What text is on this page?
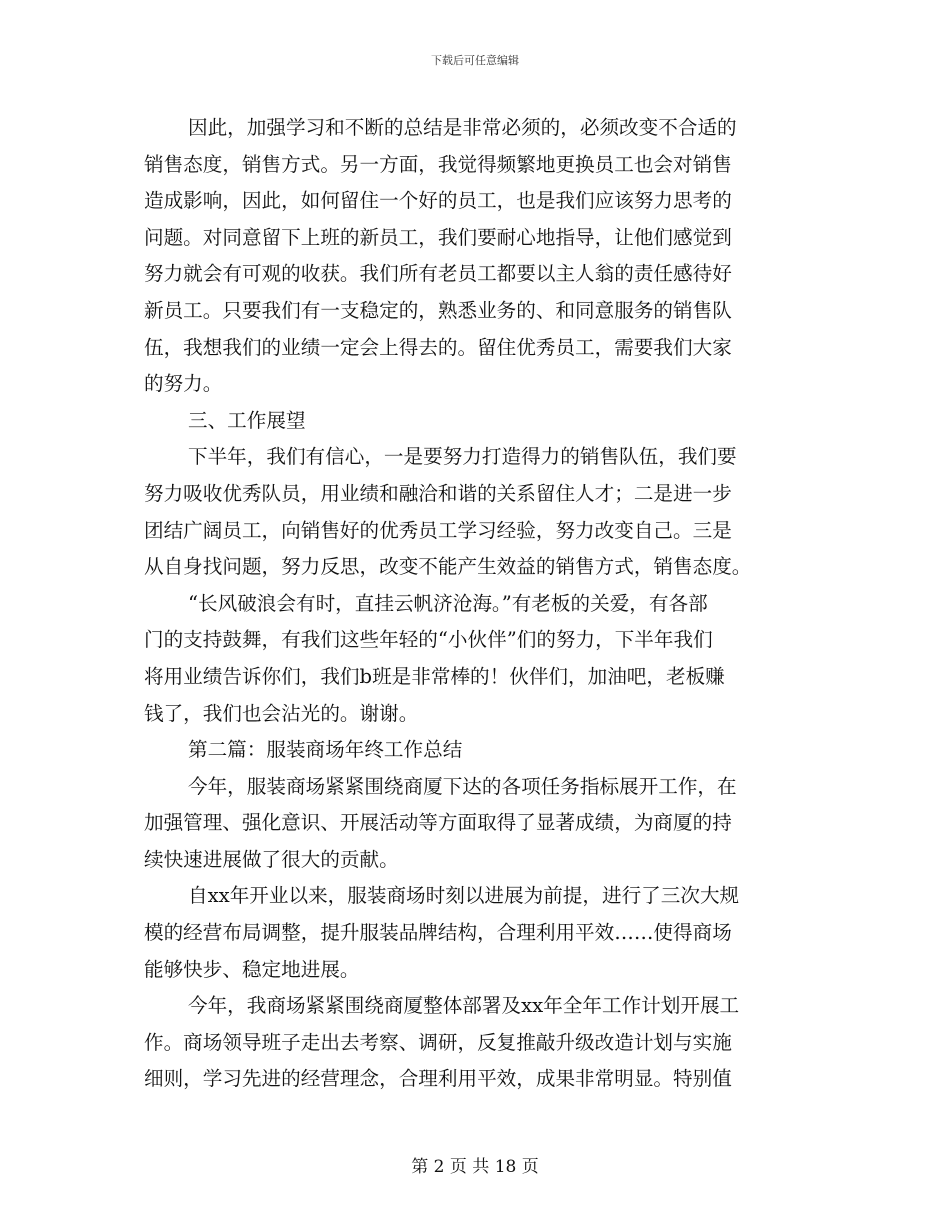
下载后可任意编辑
因此，加强学习和不断的总结是非常必须的，必须改变不合适的
销售态度，销售方式。另一方面，我觉得频繁地更换员工也会对销售
造成影响，因此，如何留住一个好的员工，也是我们应该努力思考的
问题。对同意留下上班的新员工，我们要耐心地指导，让他们感觉到
努力就会有可观的收获。我们所有老员工都要以主人翁的责任感待好
新员工。只要我们有一支稳定的，熟悉业务的、和同意服务的销售队
伍，我想我们的业绩一定会上得去的。留住优秀员工，需要我们大家
的努力。
三、工作展望
下半年，我们有信心，一是要努力打造得力的销售队伍，我们要
努力吸收优秀队员，用业绩和融洽和谐的关系留住人才；二是进一步
团结广阔员工，向销售好的优秀员工学习经验，努力改变自己。三是
从自身找问题，努力反思，改变不能产生效益的销售方式，销售态度。
“长风破浪会有时，直挂云帆济沧海。”有老板的关爱，有各部
门的支持鼓舞，有我们这些年轻的“小伙伴”们的努力，下半年我们
将用业绩告诉你们，我们b班是非常棒的！伙伴们，加油吧，老板赚
钱了，我们也会沾光的。谢谢。
第二篇：服装商场年终工作总结
今年，服装商场紧紧围绕商厦下达的各项任务指标展开工作，在
加强管理、强化意识、开展活动等方面取得了显著成绩，为商厦的持
续快速进展做了很大的贡献。
自xx年开业以来，服装商场时刻以进展为前提，进行了三次大规
模的经营布局调整，提升服装品牌结构，合理利用平效……使得商场
能够快步、稳定地进展。
今年，我商场紧紧围绕商厦整体部署及xx年全年工作计划开展工
作。商场领导班子走出去考察、调研，反复推敲升级改造计划与实施
细则，学习先进的经营理念，合理利用平效，成果非常明显。特别值
第 2 页 共 18 页
